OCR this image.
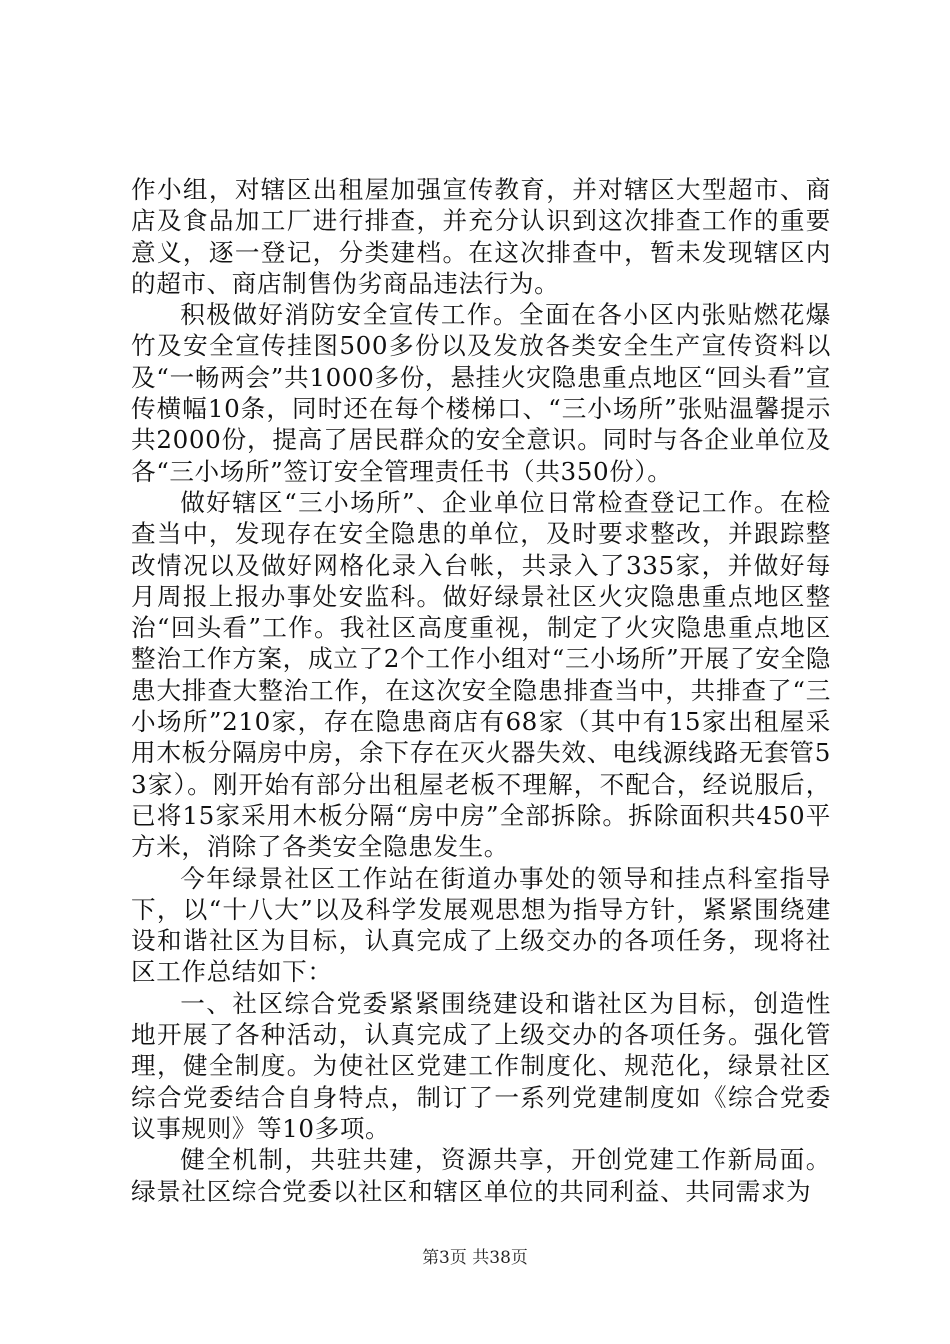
作小组，对辖区出租屋加强宣传教育，并对辖区大型超市、商店及食品加工厂进行排查，并充分认识到这次排查工作的重要意义，逐一登记，分类建档。在这次排查中，暂未发现辖区内的超市、商店制售伪劣商品违法行为。

积极做好消防安全宣传工作。全面在各小区内张贴燃花爆竹及安全宣传挂图500多份以及发放各类安全生产宣传资料以及“一畅两会”共1000多份，悬挂火灾隐患重点地区“回头看”宣传横幅10条，同时还在每个楼梯口、“三小场所”张贴温馨提示共2000份，提高了居民群众的安全意识。同时与各企业单位及各“三小场所”签订安全管理责任书（共350份）。

做好辖区“三小场所”、企业单位日常检查登记工作。在检查当中，发现存在安全隐患的单位，及时要求整改，并跟踪整改情况以及做好网格化录入台帐，共录入了335家，并做好每月周报上报办事处安监科。做好绿景社区火灾隐患重点地区整治“回头看”工作。我社区高度重视，制定了火灾隐患重点地区整治工作方案，成立了2个工作小组对“三小场所”开展了安全隐患大排查大整治工作，在这次安全隐患排查当中，共排查了“三小场所”210家，存在隐患商店有68家（其中有15家出租屋采用木板分隔房中房，余下存在灭火器失效、电线源线路无套管53家）。刚开始有部分出租屋老板不理解，不配合，经说服后，已将15家采用木板分隔“房中房”全部拆除。拆除面积共450平方米，消除了各类安全隐患发生。

今年绿景社区工作站在街道办事处的领导和挂点科室指导下，以“十八大”以及科学发展观思想为指导方针，紧紧围绕建设和谐社区为目标，认真完成了上级交办的各项任务，现将社区工作总结如下：

一、社区综合党委紧紧围绕建设和谐社区为目标，创造性地开展了各种活动，认真完成了上级交办的各项任务。强化管理，健全制度。为使社区党建工作制度化、规范化，绿景社区综合党委结合自身特点，制订了一系列党建制度如《综合党委议事规则》等10多项。

健全机制，共驻共建，资源共享，开创党建工作新局面。绿景社区综合党委以社区和辖区单位的共同利益、共同需求为

第3页 共38页
